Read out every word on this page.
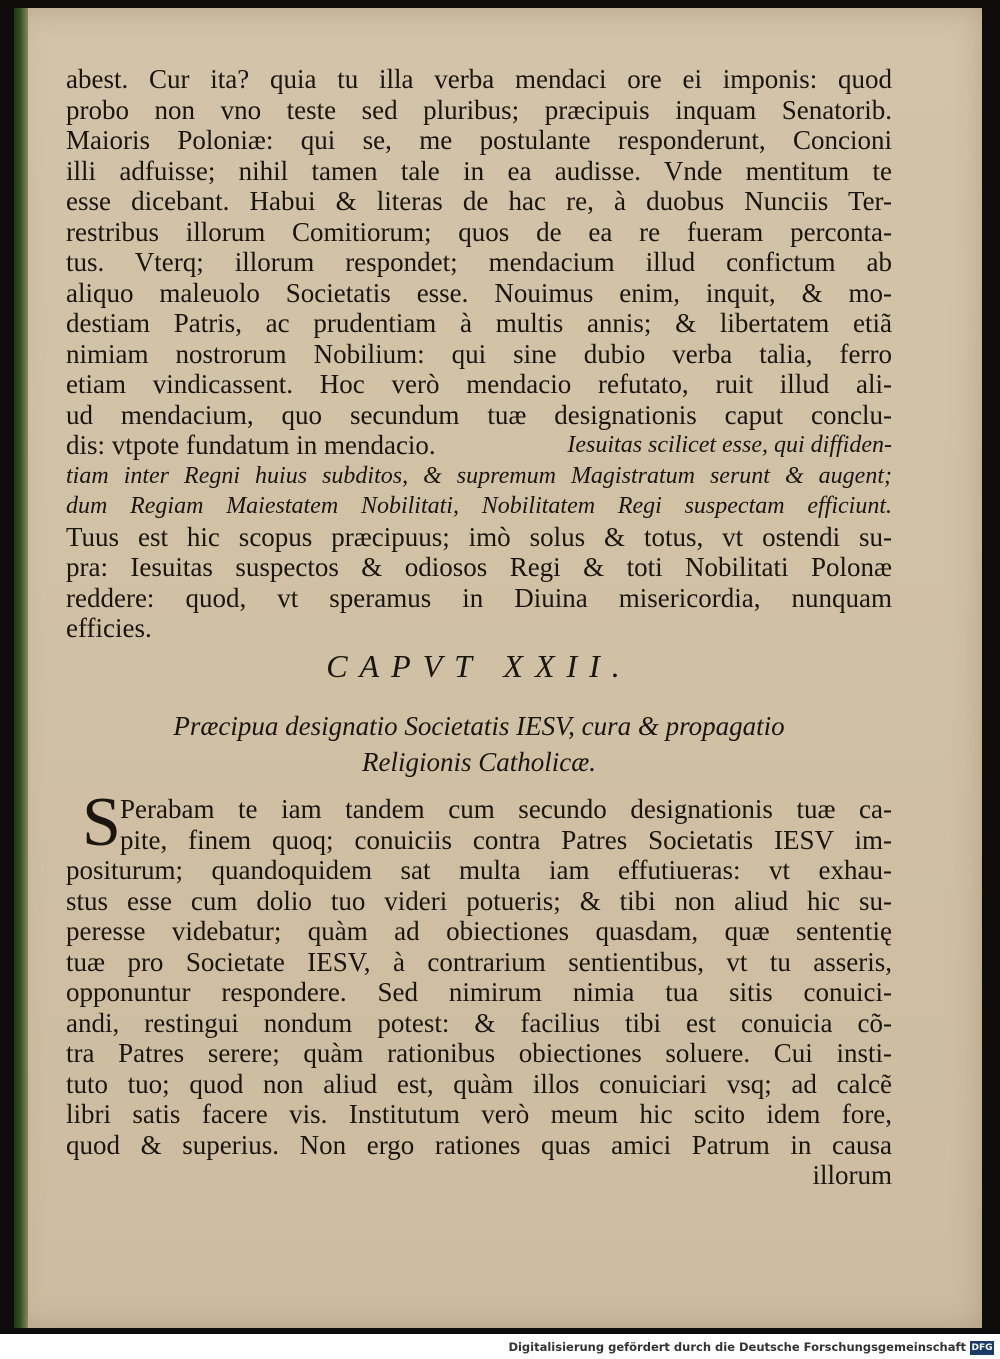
abest. Cur ita? quia tu illa verba mendaci ore ei imponis: quod
probo non vno teste sed pluribus; præcipuis inquam Senatorib.
Maioris Poloniæ: qui se, me postulante responderunt, Concioni
illi adfuisse; nihil tamen tale in ea audisse. Vnde mentitum te
esse dicebant. Habui & literas de hac re, à duobus Nunciis Ter-
restribus illorum Comitiorum; quos de ea re fueram percontа-
tus. Vterq; illorum respondet; mendacium illud confictum ab
aliquo maleuolo Societatis esse. Nouimus enim, inquit, & mo-
destiam Patris, ac prudentiam à multis annis; & libertatem etiã
nimiam nostrorum Nobilium: qui sine dubio verba talia, ferro
etiam vindicassent. Hoc verò mendacio refutato, ruit illud ali-
ud mendacium, quo secundum tuæ designationis caput conclu-
dis: vtpote fundatum in mendacio.	Iesuitas scilicet esse, qui diffiden-
tiam inter Regni huius subditos, & supremum Magistratum serunt & augent;
dum Regiam Maiestatem Nobilitati, Nobilitatem Regi suspectam efficiunt.
Tuus est hic scopus præcipuus; imò solus & totus, vt ostendi su-
pra: Iesuitas suspectos & odiosos Regi & toti Nobilitati Polonæ
reddere: quod, vt speramus in Diuina misericordia, nunquam
efficies.
CAPVT XXII.
Præcipua designatio Societatis IESV, cura & propagatio
Religionis Catholicæ.
S Perabam te iam tandem cum secundo designationis tuæ ca-
pite, finem quoq; conuiciis contra Patres Societatis IESV im-
positurum; quandoquidem sat multa iam effutiueras: vt exhau-
stus esse cum dolio tuo videri potueris; & tibi non aliud hic su-
peresse videbatur; quàm ad obiectiones quasdam, quæ sententię
tuæ pro Societate IESV, à contrarium sentientibus, vt tu asseris,
opponuntur respondere. Sed nimirum nimia tua sitis conuici-
andi, restingui nondum potest: & facilius tibi est conuicia cõ-
tra Patres serere; quàm rationibus obiectiones soluere. Cui insti-
tuto tuo; quod non aliud est, quàm illos conuiciari vsq; ad calcẽ
libri satis facere vis. Institutum verò meum hic scito idem fore,
quod & superius. Non ergo rationes quas amici Patrum in causa
illorum
Digitalisierung gefördert durch die Deutsche Forschungsgemeinschaft DFG
